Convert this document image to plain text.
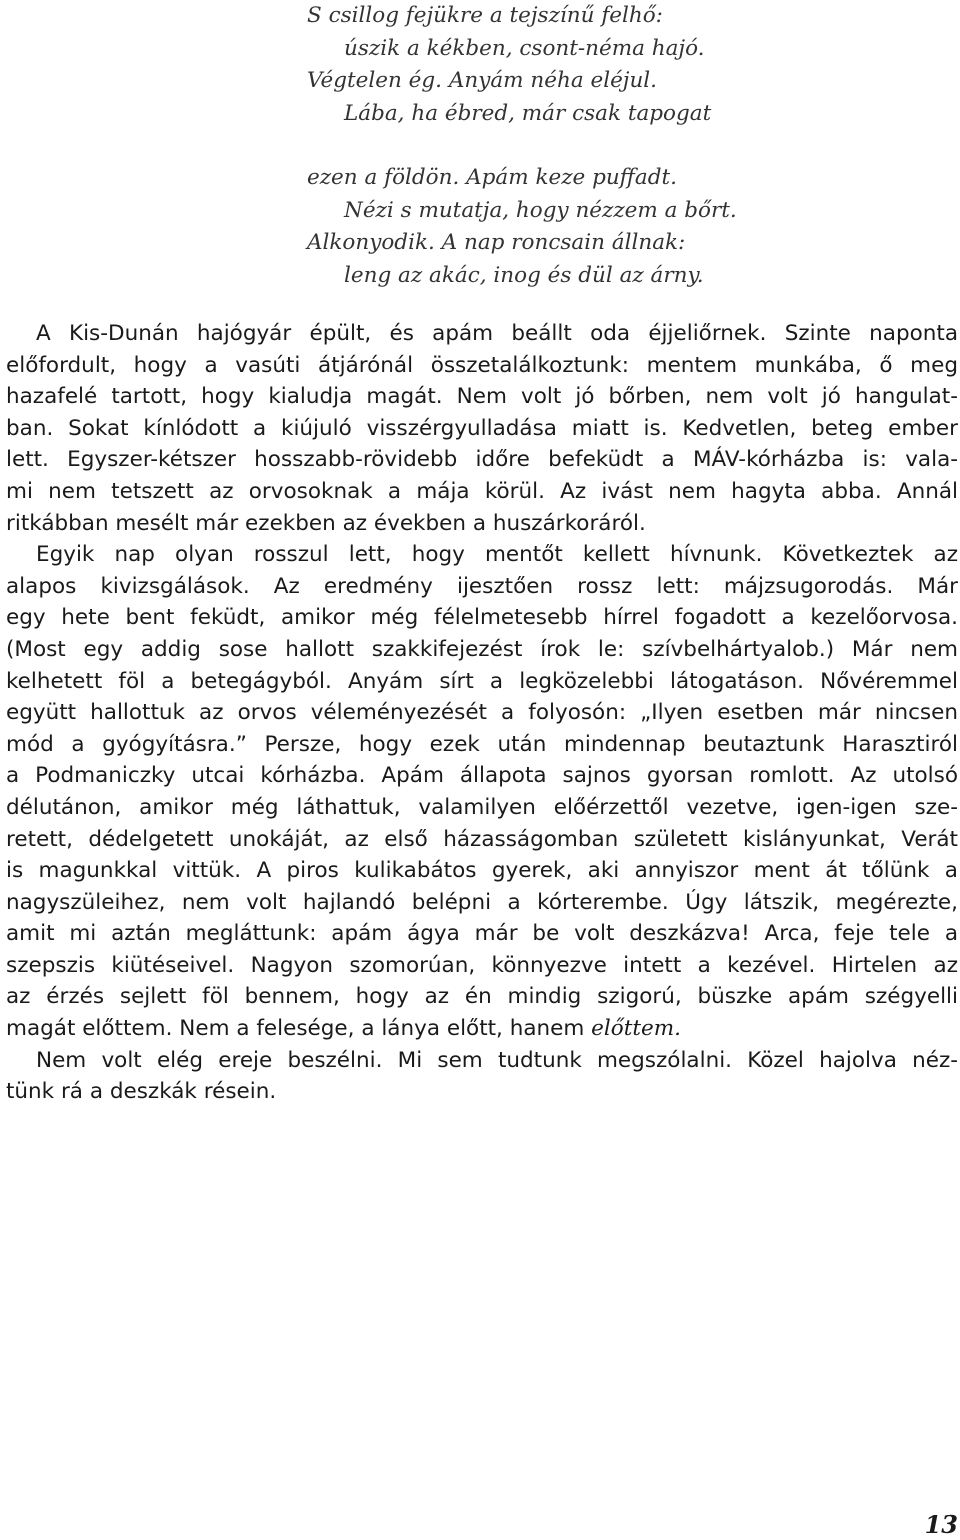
S csillog fejükre a tejszínű felhő:
úszik a kékben, csont-néma hajó.
Végtelen ég. Anyám néha eléjul.
Lába, ha ébred, már csak tapogat
ezen a földön. Apám keze puffadt.
Nézi s mutatja, hogy nézzem a bőrt.
Alkonyodik. A nap roncsain állnak:
leng az akác, inog és dül az árny.
A Kis-Dunán hajógyár épült, és apám beállt oda éjjeliőrnek. Szinte naponta
előfordult, hogy a vasúti átjárónál összetalálkoztunk: mentem munkába, ő meg
hazafelé tartott, hogy kialudja magát. Nem volt jó bőrben, nem volt jó hangulat-
ban. Sokat kínlódott a kiújuló visszérgyulladása miatt is. Kedvetlen, beteg ember
lett. Egyszer-kétszer hosszabb-rövidebb időre befeküdt a MÁV-kórházba is: vala-
mi nem tetszett az orvosoknak a mája körül. Az ivást nem hagyta abba. Annál
ritkábban mesélt már ezekben az években a huszárkoráról.
Egyik nap olyan rosszul lett, hogy mentőt kellett hívnunk. Következtek az
alapos kivizsgálások. Az eredmény ijesztően rossz lett: májzsugorodás. Már
egy hete bent feküdt, amikor még félelmetesebb hírrel fogadott a kezelőorvosa.
(Most egy addig sose hallott szakkifejezést írok le: szívbelhártyalob.) Már nem
kelhetett föl a betegágyból. Anyám sírt a legközelebbi látogatáson. Nővéremmel
együtt hallottuk az orvos véleményezését a folyosón: „Ilyen esetben már nincsen
mód a gyógyításra.” Persze, hogy ezek után mindennap beutaztunk Harasztiról
a Podmaniczky utcai kórházba. Apám állapota sajnos gyorsan romlott. Az utolsó
délutánon, amikor még láthattuk, valamilyen előérzettől vezetve, igen-igen sze-
retett, dédelgetett unokáját, az első házasságomban született kislányunkat, Verát
is magunkkal vittük. A piros kulikabátos gyerek, aki annyiszor ment át tőlünk a
nagyszüleihez, nem volt hajlandó belépni a kórterembe. Úgy látszik, megérezte,
amit mi aztán megláttunk: apám ágya már be volt deszkázva! Arca, feje tele a
szepszis kiütéseivel. Nagyon szomorúan, könnyezve intett a kezével. Hirtelen az
az érzés sejlett föl bennem, hogy az én mindig szigorú, büszke apám szégyelli
magát előttem. Nem a felesége, a lánya előtt, hanem előttem.
Nem volt elég ereje beszélni. Mi sem tudtunk megszólalni. Közel hajolva néz-
tünk rá a deszkák résein.
13
